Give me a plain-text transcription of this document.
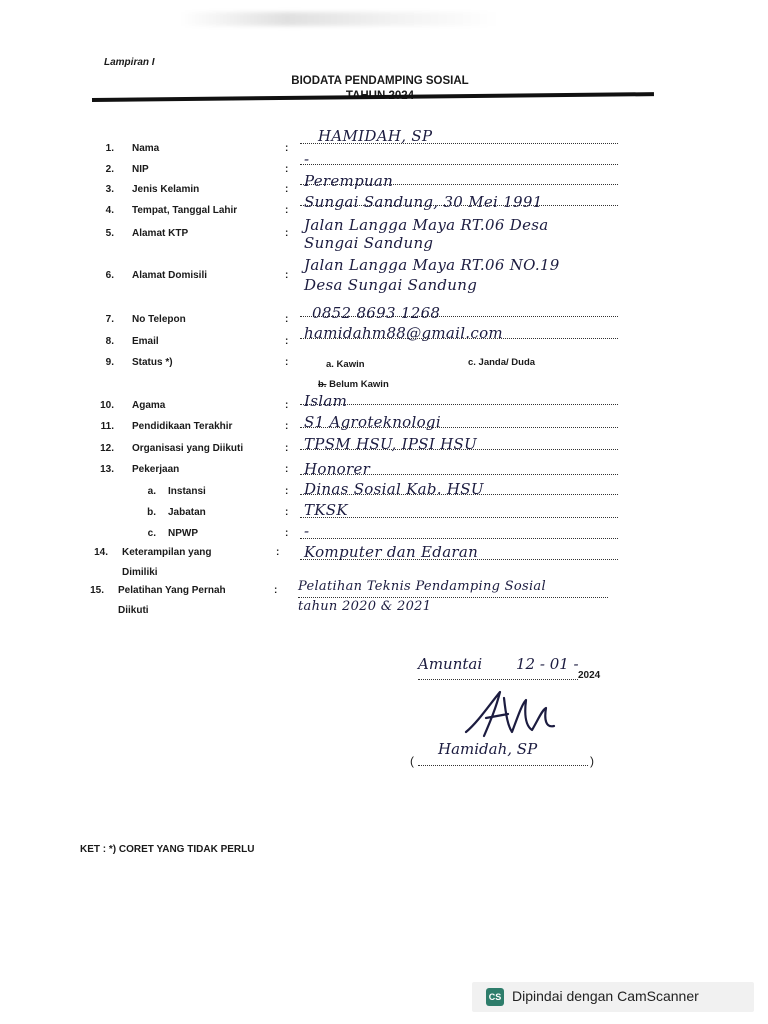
Lampiran I
BIODATA PENDAMPING SOSIAL
1. Nama	:
HAMIDAH, SP
2. NIP	:
-
3. Jenis Kelamin	: Perempuan
4. Tempat, Tanggal Lahir	: Sungai Sandung, 30 Mei 1991
5. Alamat KTP	: Jalan Langga Maya RT.06 Desa
Sungai Sandung
6. Alamat Domisili	:
Jalan Langga Maya RT.06 NO.19
Desa Sungai Sandung
7. No Telepon	: 0852 8693 1268
8. Email	: hamidahm88@gmail.com
9. Status *)	:	a. Kawin	c. Janda/ Duda
b. Belum Kawin
10. Agama	: Islam
11. Pendidikaan Terakhir	: S1 Agroteknologi
12. Organisasi yang Diikuti	: TPSM HSU, IPSI HSU
13. Pekerjaan	: Honorer
a. Instansi	: Dinas Sosial Kab. HSU
b. Jabatan	: TKSK
c. NPWP	: -
14. Keterampilan yang
Dimiliki
: Komputer dan Edaran
15. Pelatihan Yang Pernah
Diikuti
: Pelatihan Teknis Pendamping Sosial
tahun 2020 & 2021
Amuntai 12 - 01 -
2024
Hamidah, SP
(	)
KET : *) CORET YANG TIDAK PERLU
CS Dipindai dengan CamScanner
